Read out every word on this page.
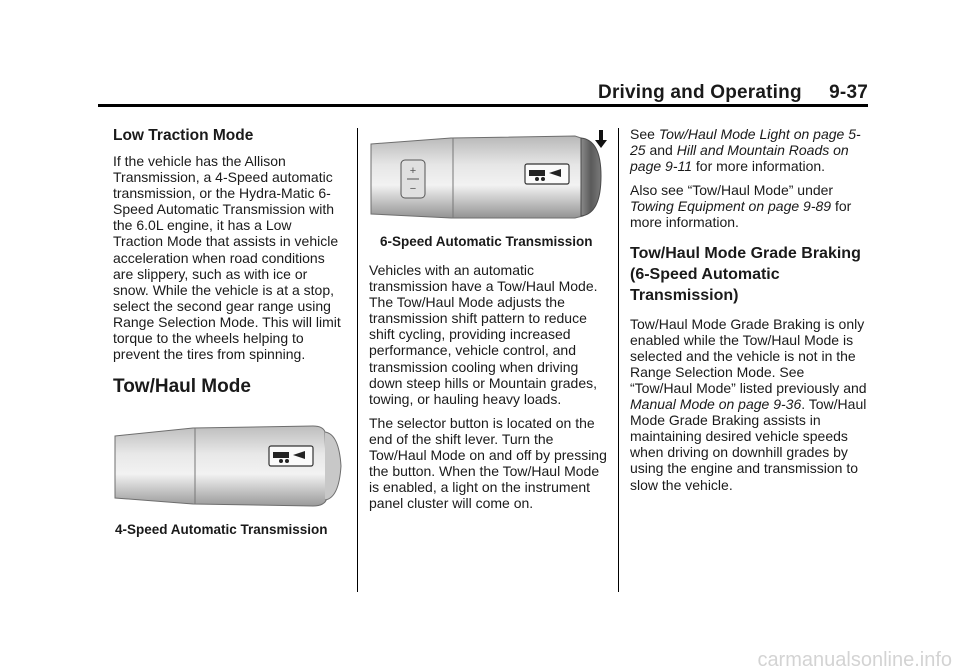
Driving and Operating     9-37
Low Traction Mode

If the vehicle has the Allison Transmission, a 4-Speed automatic transmission, or the Hydra-Matic 6-Speed Automatic Transmission with the 6.0L engine, it has a Low Traction Mode that assists in vehicle acceleration when road conditions are slippery, such as with ice or snow. While the vehicle is at a stop, select the second gear range using Range Selection Mode. This will limit torque to the wheels helping to prevent the tires from spinning.

Tow/Haul Mode
4-Speed Automatic Transmission
+
−
6-Speed Automatic Transmission

Vehicles with an automatic transmission have a Tow/Haul Mode. The Tow/Haul Mode adjusts the transmission shift pattern to reduce shift cycling, providing increased performance, vehicle control, and transmission cooling when driving down steep hills or Mountain grades, towing, or hauling heavy loads.

The selector button is located on the end of the shift lever. Turn the Tow/Haul Mode on and off by pressing the button. When the Tow/Haul Mode is enabled, a light on the instrument panel cluster will come on.

See Tow/Haul Mode Light on page 5-25 and Hill and Mountain Roads on page 9-11 for more information.

Also see “Tow/Haul Mode” under Towing Equipment on page 9-89 for more information.

Tow/Haul Mode Grade Braking (6-Speed Automatic Transmission)

Tow/Haul Mode Grade Braking is only enabled while the Tow/Haul Mode is selected and the vehicle is not in the Range Selection Mode. See “Tow/Haul Mode” listed previously and Manual Mode on page 9-36. Tow/Haul Mode Grade Braking assists in maintaining desired vehicle speeds when driving on downhill grades by using the engine and transmission to slow the vehicle.

carmanualsonline.info
